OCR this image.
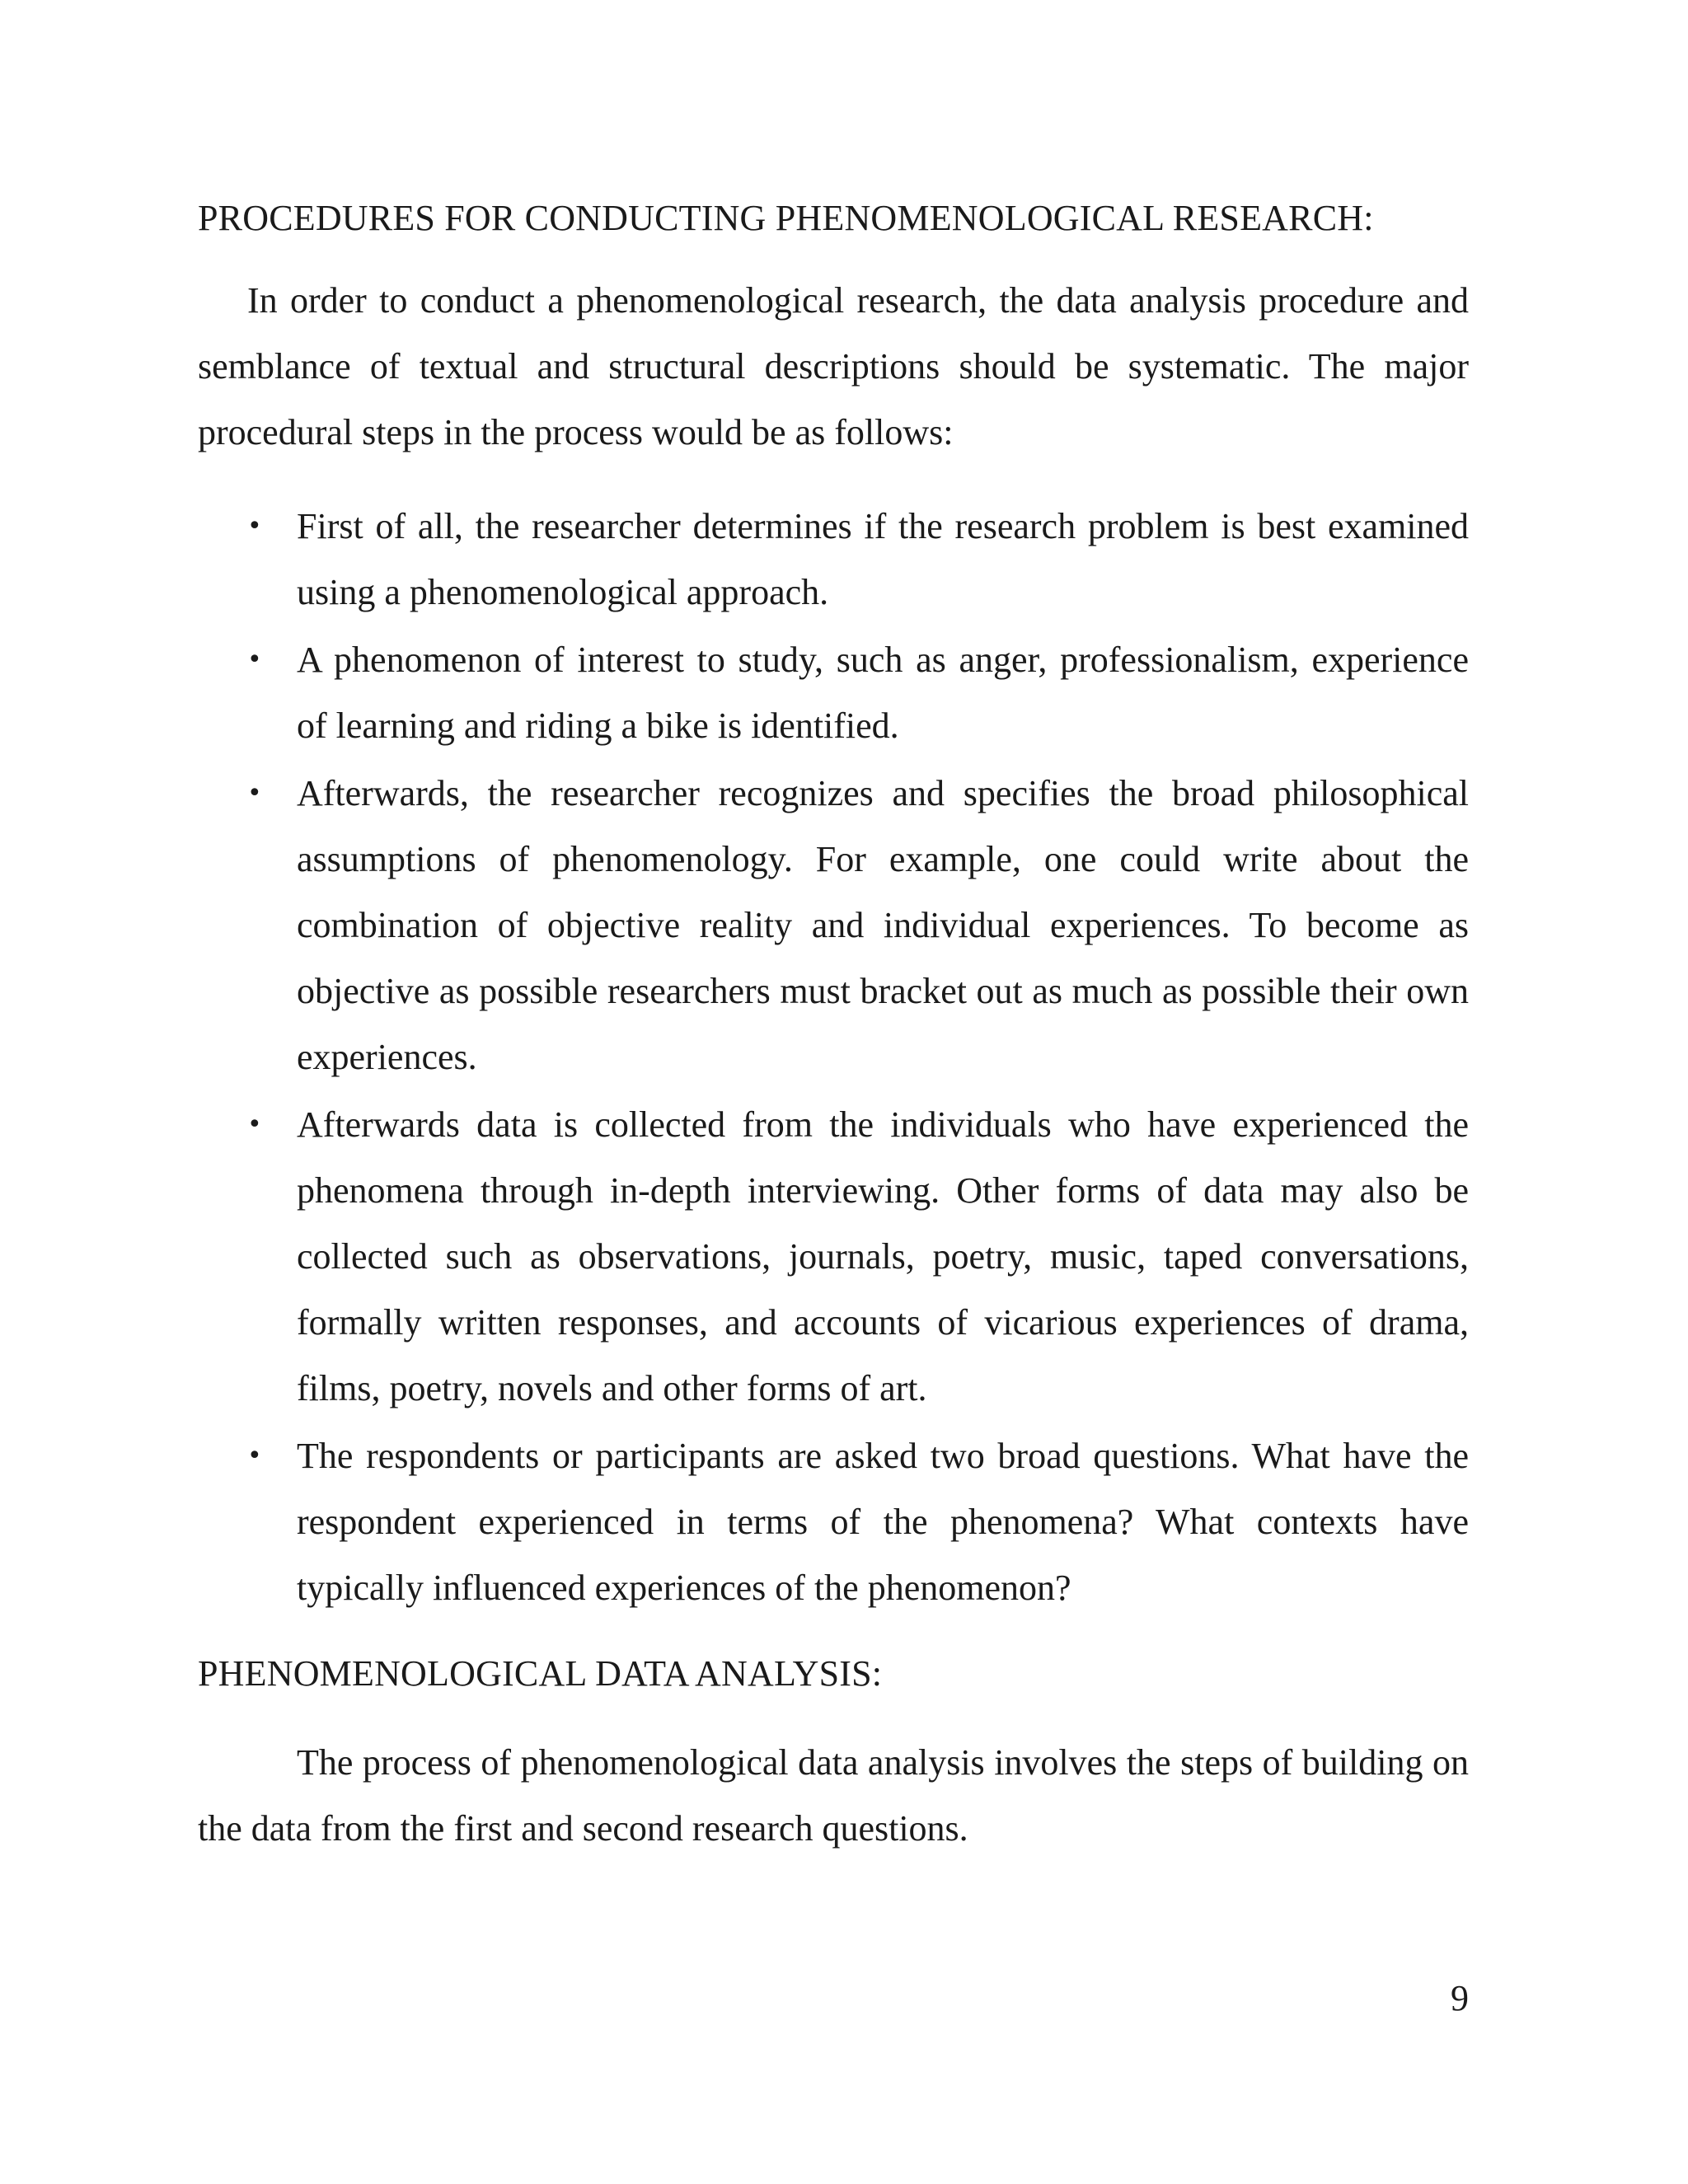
PROCEDURES FOR CONDUCTING PHENOMENOLOGICAL RESEARCH:

In order to conduct a phenomenological research, the data analysis procedure and semblance of textual and structural descriptions should be systematic. The major procedural steps in the process would be as follows:

• First of all, the researcher determines if the research problem is best examined using a phenomenological approach.
• A phenomenon of interest to study, such as anger, professionalism, experience of learning and riding a bike is identified.
• Afterwards, the researcher recognizes and specifies the broad philosophical assumptions of phenomenology. For example, one could write about the combination of objective reality and individual experiences. To become as objective as possible researchers must bracket out as much as possible their own experiences.
• Afterwards data is collected from the individuals who have experienced the phenomena through in-depth interviewing. Other forms of data may also be collected such as observations, journals, poetry, music, taped conversations, formally written responses, and accounts of vicarious experiences of drama, films, poetry, novels and other forms of art.
• The respondents or participants are asked two broad questions. What have the respondent experienced in terms of the phenomena? What contexts have typically influenced experiences of the phenomenon?
PHENOMENOLOGICAL DATA ANALYSIS:

The process of phenomenological data analysis involves the steps of building on the data from the first and second research questions.

9
